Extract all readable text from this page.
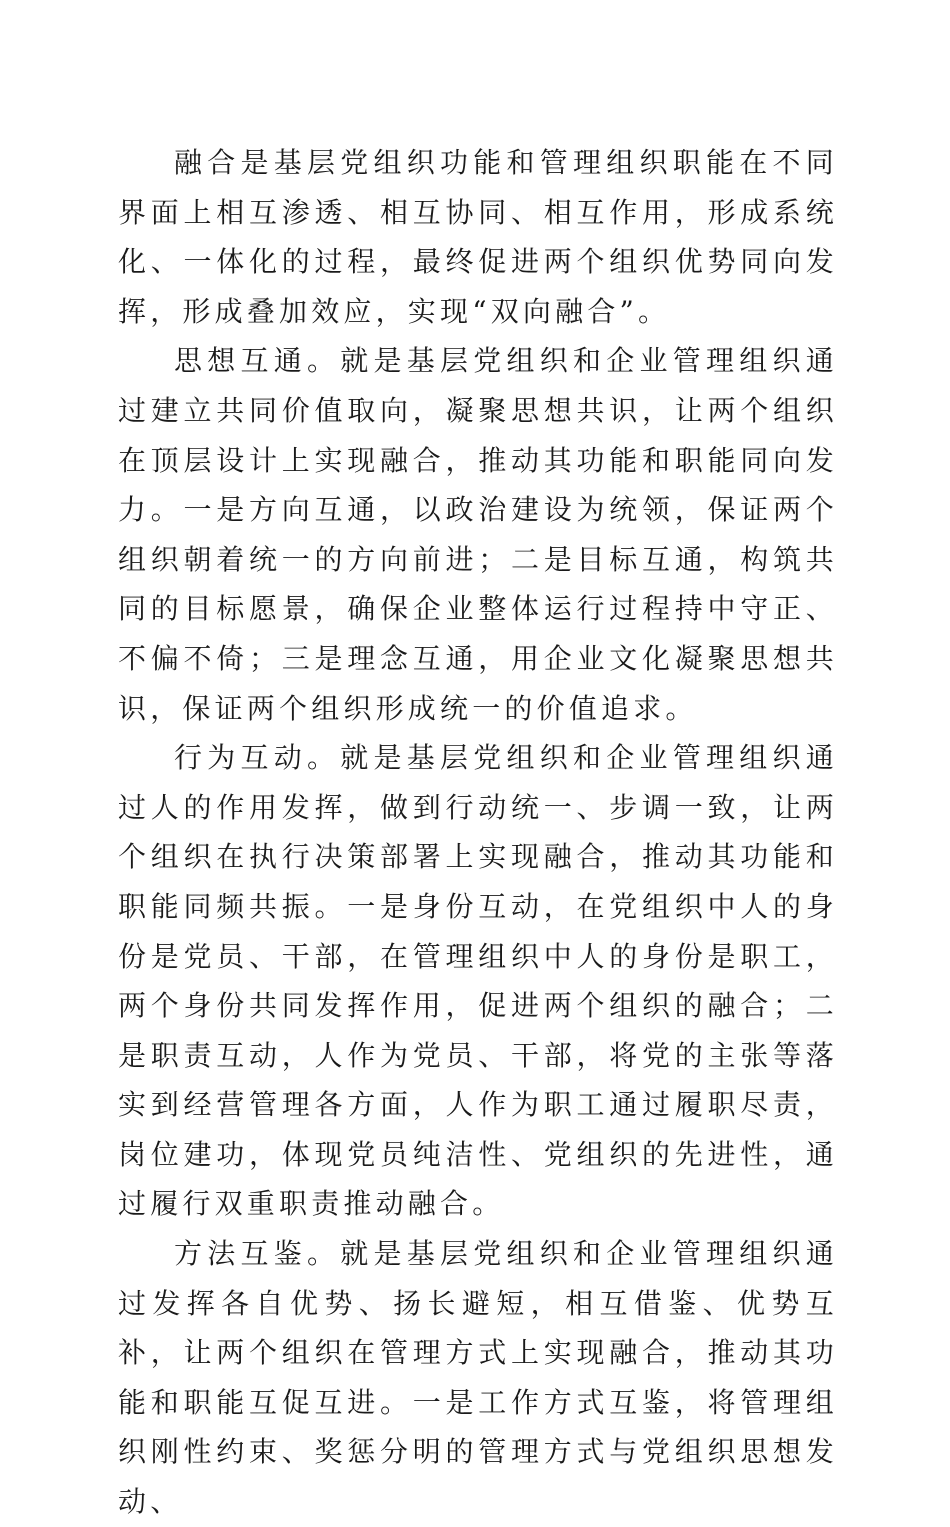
融合是基层党组织功能和管理组织职能在不同界面上相互渗透、相互协同、相互作用，形成系统化、一体化的过程，最终促进两个组织优势同向发挥，形成叠加效应，实现“双向融合”。

思想互通。就是基层党组织和企业管理组织通过建立共同价值取向，凝聚思想共识，让两个组织在顶层设计上实现融合，推动其功能和职能同向发力。一是方向互通，以政治建设为统领，保证两个组织朝着统一的方向前进；二是目标互通，构筑共同的目标愿景，确保企业整体运行过程持中守正、不偏不倚；三是理念互通，用企业文化凝聚思想共识，保证两个组织形成统一的价值追求。

行为互动。就是基层党组织和企业管理组织通过人的作用发挥，做到行动统一、步调一致，让两个组织在执行决策部署上实现融合，推动其功能和职能同频共振。一是身份互动，在党组织中人的身份是党员、干部，在管理组织中人的身份是职工，两个身份共同发挥作用，促进两个组织的融合；二是职责互动，人作为党员、干部，将党的主张等落实到经营管理各方面，人作为职工通过履职尽责，岗位建功，体现党员纯洁性、党组织的先进性，通过履行双重职责推动融合。

方法互鉴。就是基层党组织和企业管理组织通过发挥各自优势、扬长避短，相互借鉴、优势互补，让两个组织在管理方式上实现融合，推动其功能和职能互促互进。一是工作方式互鉴，将管理组织刚性约束、奖惩分明的管理方式与党组织思想发动、
